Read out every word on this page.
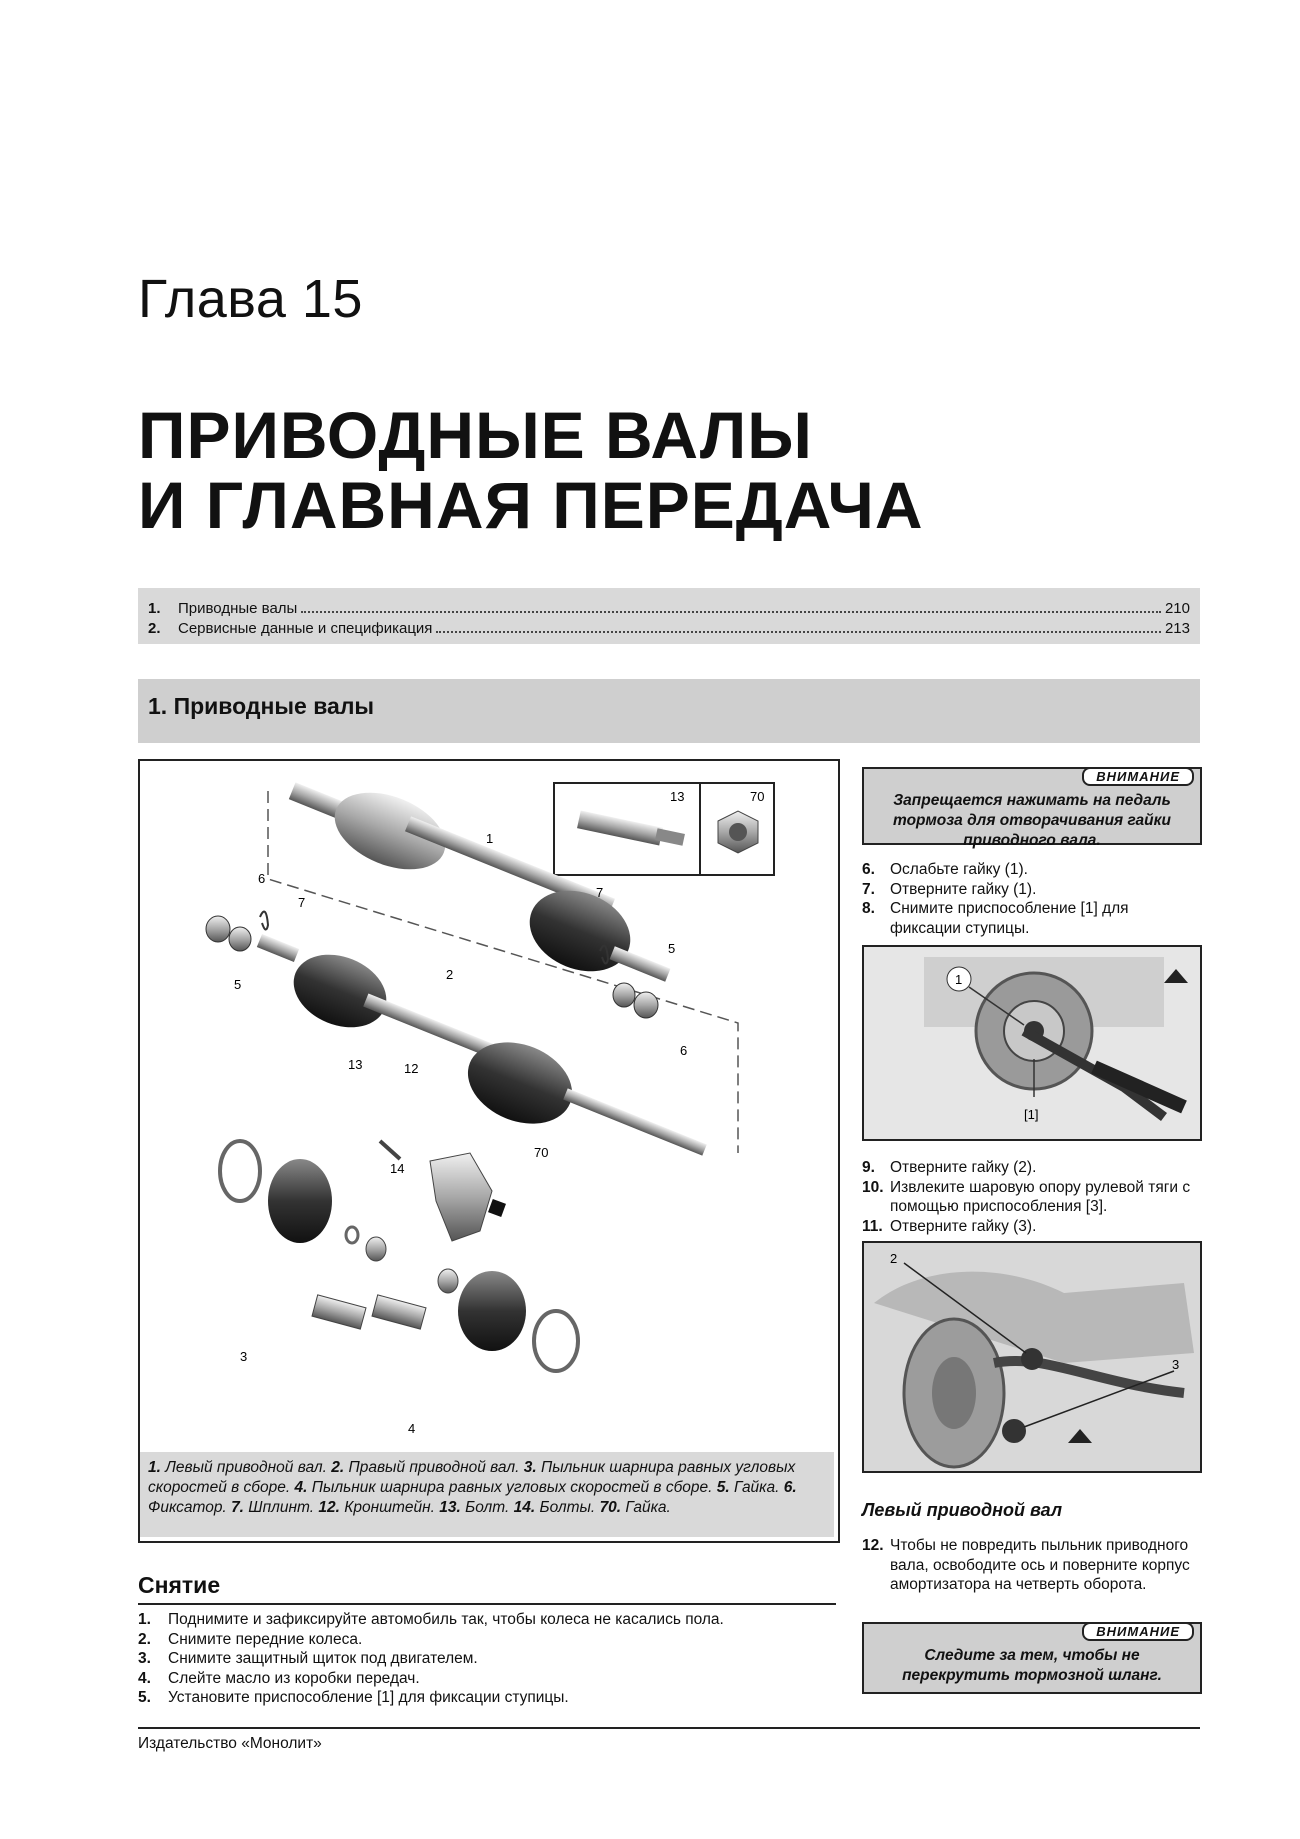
Глава 15
ПРИВОДНЫЕ ВАЛЫ
И ГЛАВНАЯ ПЕРЕДАЧА
1.	Приводные валы	210
2.	Сервисные данные и спецификация	213
1. Приводные валы
13	70
1
2
3
4
5
5
6
6
7
7
12
13
14
70
1. Левый приводной вал. 2. Правый приводной вал. 3. Пыльник шарнира равных угловых скоростей в сборе. 4. Пыльник шарнира равных угловых скоростей в сборе. 5. Гайка. 6. Фиксатор. 7. Шплинт. 12. Кронштейн. 13. Болт. 14. Болты. 70. Гайка.
Снятие
1.	Поднимите и зафиксируйте автомобиль так, чтобы колеса не касались пола.
2.	Снимите передние колеса.
3.	Снимите защитный щиток под двигателем.
4.	Слейте масло из коробки передач.
5.	Установите приспособление [1] для фиксации ступицы.
ВНИМАНИЕ
Запрещается нажимать на педаль тормоза для отворачивания гайки приводного вала.
6. Ослабьте гайку (1).
7. Отверните гайку (1).
8. Снимите приспособление [1] для фиксации ступицы.
1
[1]
9. Отверните гайку (2).
10. Извлеките шаровую опору рулевой тяги с помощью приспособления [3].
11. Отверните гайку (3).
2
3
Левый приводной вал
12. Чтобы не повредить пыльник приводного вала, освободите ось и поверните корпус амортизатора на четверть оборота.
ВНИМАНИЕ
Следите за тем, чтобы не перекрутить тормозной шланг.
Издательство «Монолит»
